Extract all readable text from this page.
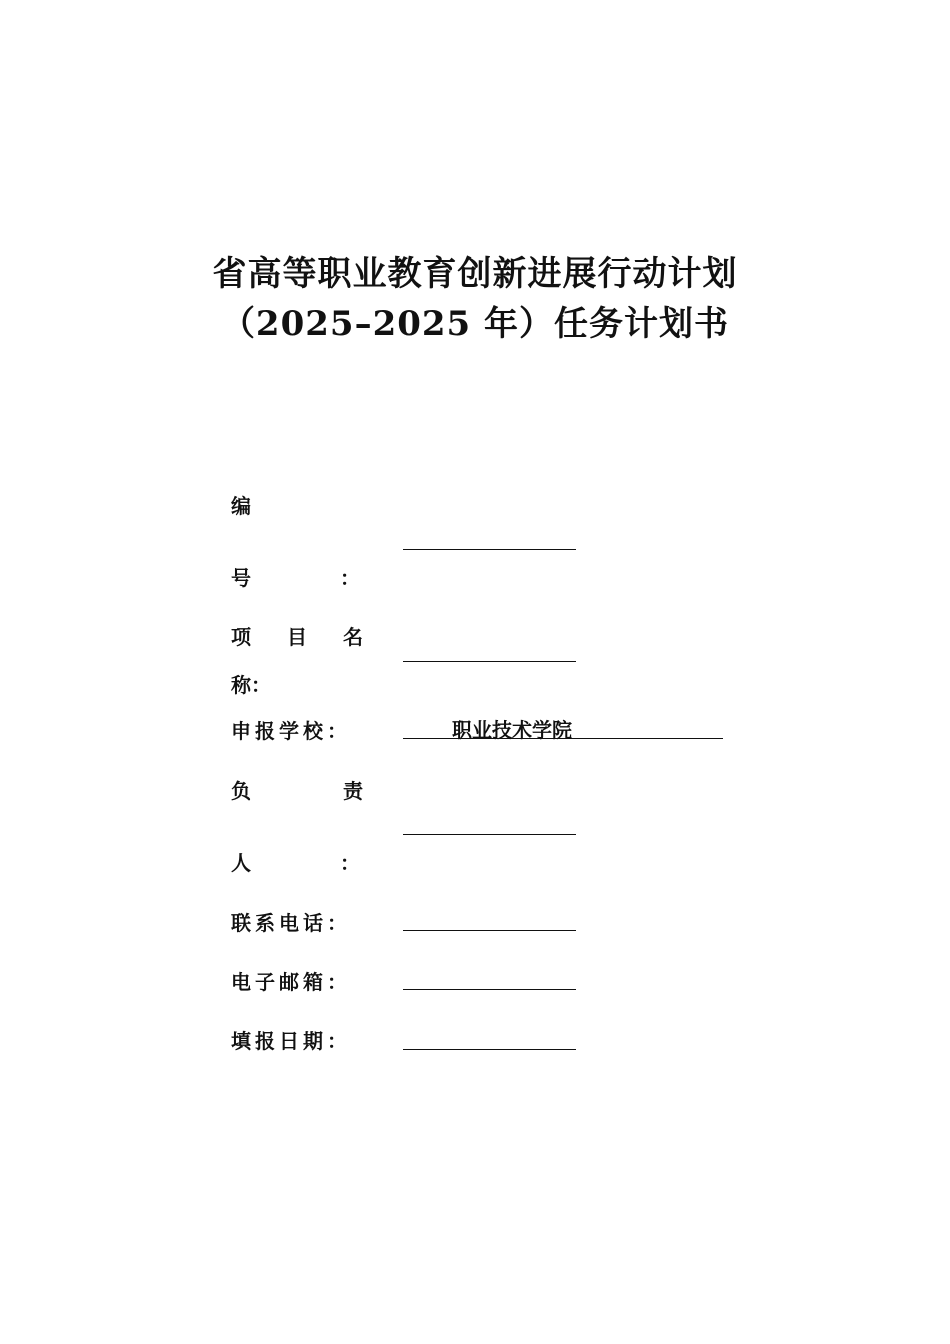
省高等职业教育创新进展行动计划
（2025–2025 年）任务计划书
编
号	：
项 目 名
称：
申报学校：	职业技术学院
负	责
人	：
联系电话：
电子邮箱：
填报日期：
